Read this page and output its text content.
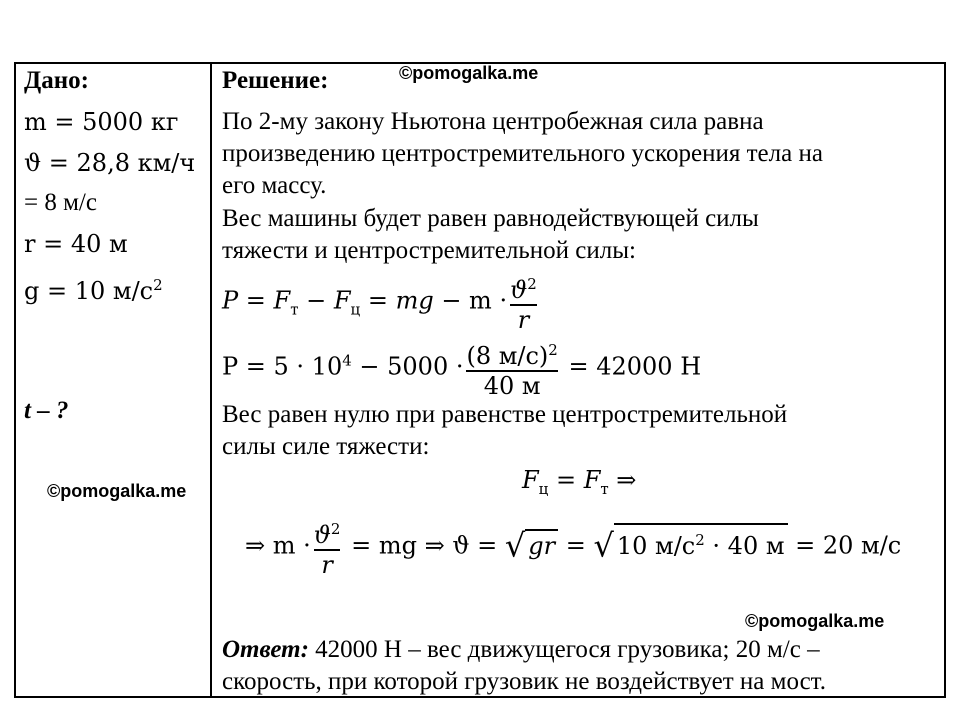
©pomogalka.me
©pomogalka.me
©pomogalka.me
Дано:
m = 5000 кг
ϑ = 28,8 км/ч
= 8 м/с
r = 40 м
g = 10 $м/с^2$
t – ?
Решение:
По 2-му закону Ньютона центробежная сила равна
произведению центростремительного ускорения тела на
его массу.
Вес машины будет равен равнодействующей силы
тяжести и центростремительной силы:
$P = F_т - F_ц$ = mg − $m \cdot \frac{ϑ^2}{r}$
$P = 5 \cdot 10^4 - 5000 \cdot \frac{(8 м/с)^2}{40 м} = 42000$ Н
Вес равен нулю при равенстве центростремительной
силы силе тяжести:
$F_ц = F_т$ ⇒
⇒ $m \cdot \frac{ϑ^2}{r}$ = mg ⇒ ϑ = √ gr = √ 10 $м/с^2 \cdot 40$ м = 20 м/с
Ответ: 42000 Н – вес движущегося грузовика; 20 м/с –
скорость, при которой грузовик не воздействует на мост.
